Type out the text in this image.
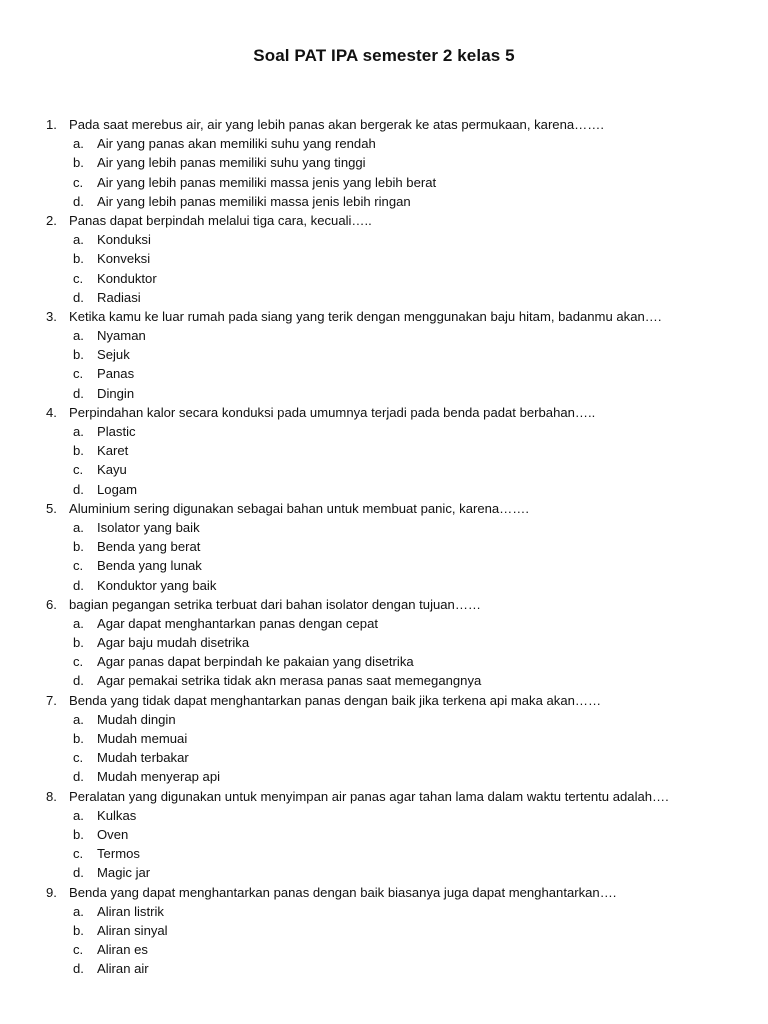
Soal PAT IPA semester 2 kelas 5
1. Pada saat merebus air, air yang lebih panas akan bergerak ke atas permukaan, karena…….
a. Air yang panas akan memiliki suhu yang rendah
b. Air yang lebih panas memiliki suhu yang tinggi
c. Air yang lebih panas memiliki massa jenis yang lebih berat
d. Air yang lebih panas memiliki massa jenis lebih ringan
2. Panas dapat berpindah melalui tiga cara, kecuali…..
a. Konduksi
b. Konveksi
c. Konduktor
d. Radiasi
3. Ketika kamu ke luar rumah pada siang yang terik dengan menggunakan baju hitam, badanmu akan….
a. Nyaman
b. Sejuk
c. Panas
d. Dingin
4. Perpindahan kalor secara konduksi pada umumnya terjadi pada benda padat berbahan…..
a. Plastic
b. Karet
c. Kayu
d. Logam
5. Aluminium sering digunakan sebagai bahan untuk membuat panic, karena…….
a. Isolator yang baik
b. Benda yang berat
c. Benda yang lunak
d. Konduktor yang baik
6. bagian pegangan setrika terbuat dari bahan isolator dengan tujuan……
a. Agar dapat menghantarkan panas dengan cepat
b. Agar baju mudah disetrika
c. Agar panas dapat berpindah ke pakaian yang disetrika
d. Agar pemakai setrika tidak akn merasa panas saat memegangnya
7. Benda yang tidak dapat menghantarkan panas dengan baik jika terkena api maka akan……
a. Mudah dingin
b. Mudah memuai
c. Mudah terbakar
d. Mudah menyerap api
8. Peralatan yang digunakan untuk menyimpan air panas agar tahan lama dalam waktu tertentu adalah….
a. Kulkas
b. Oven
c. Termos
d. Magic jar
9. Benda yang dapat menghantarkan panas dengan baik biasanya juga dapat menghantarkan….
a. Aliran listrik
b. Aliran sinyal
c. Aliran es
d. Aliran air
